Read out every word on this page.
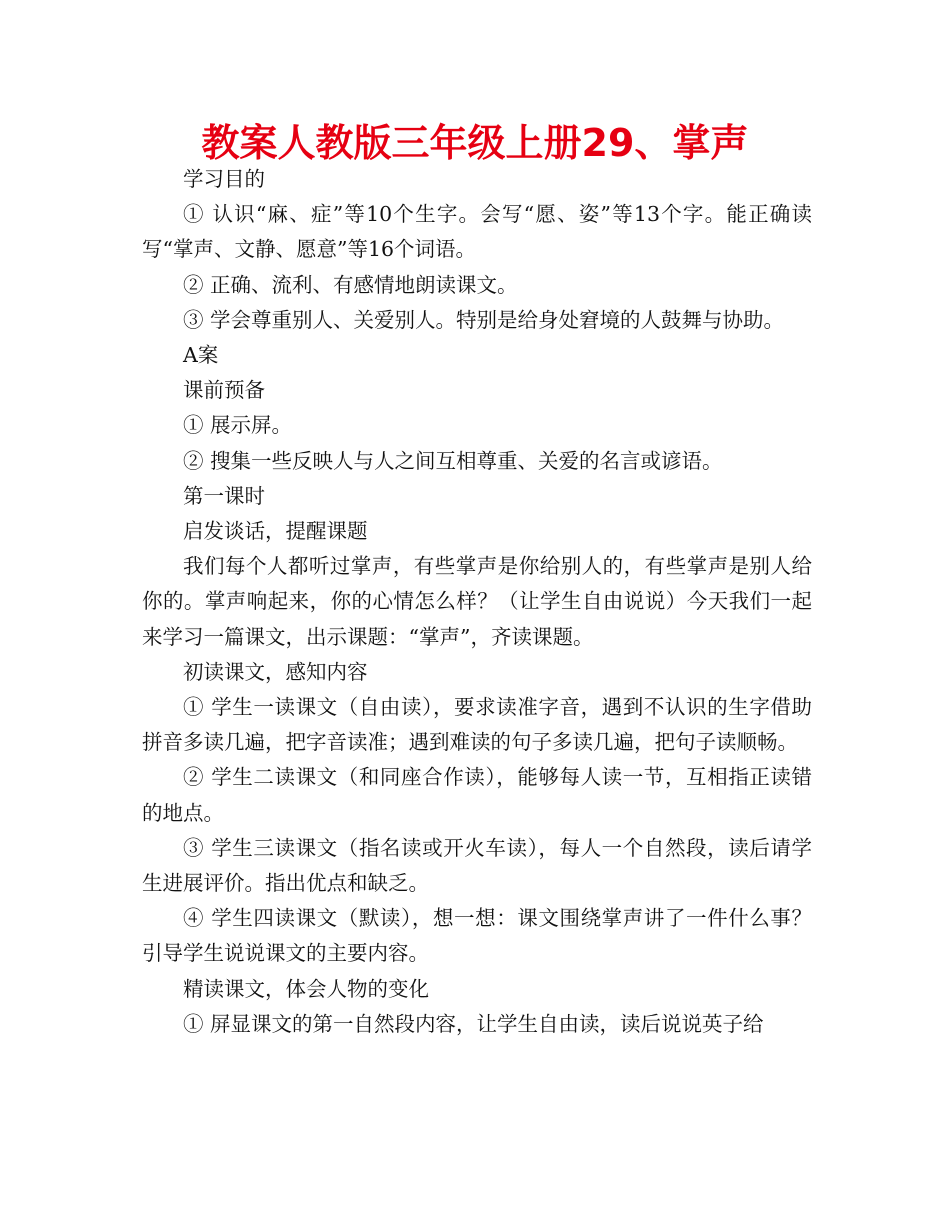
教案人教版三年级上册29、掌声

学习目的

① 认识“麻、症”等10个生字。会写“愿、姿”等13个字。能正确读写“掌声、文静、愿意”等16个词语。

② 正确、流利、有感情地朗读课文。

③ 学会尊重别人、关爱别人。特别是给身处窘境的人鼓舞与协助。

A案

课前预备

① 展示屏。

② 搜集一些反映人与人之间互相尊重、关爱的名言或谚语。

第一课时

启发谈话，提醒课题

我们每个人都听过掌声，有些掌声是你给别人的，有些掌声是别人给你的。掌声响起来，你的心情怎么样？（让学生自由说说）今天我们一起来学习一篇课文，出示课题：“掌声”，齐读课题。

初读课文，感知内容

① 学生一读课文（自由读），要求读准字音，遇到不认识的生字借助拼音多读几遍，把字音读准；遇到难读的句子多读几遍，把句子读顺畅。

② 学生二读课文（和同座合作读），能够每人读一节，互相指正读错的地点。

③ 学生三读课文（指名读或开火车读），每人一个自然段，读后请学生进展评价。指出优点和缺乏。

④ 学生四读课文（默读），想一想：课文围绕掌声讲了一件什么事？引导学生说说课文的主要内容。

精读课文，体会人物的变化

① 屏显课文的第一自然段内容，让学生自由读，读后说说英子给
